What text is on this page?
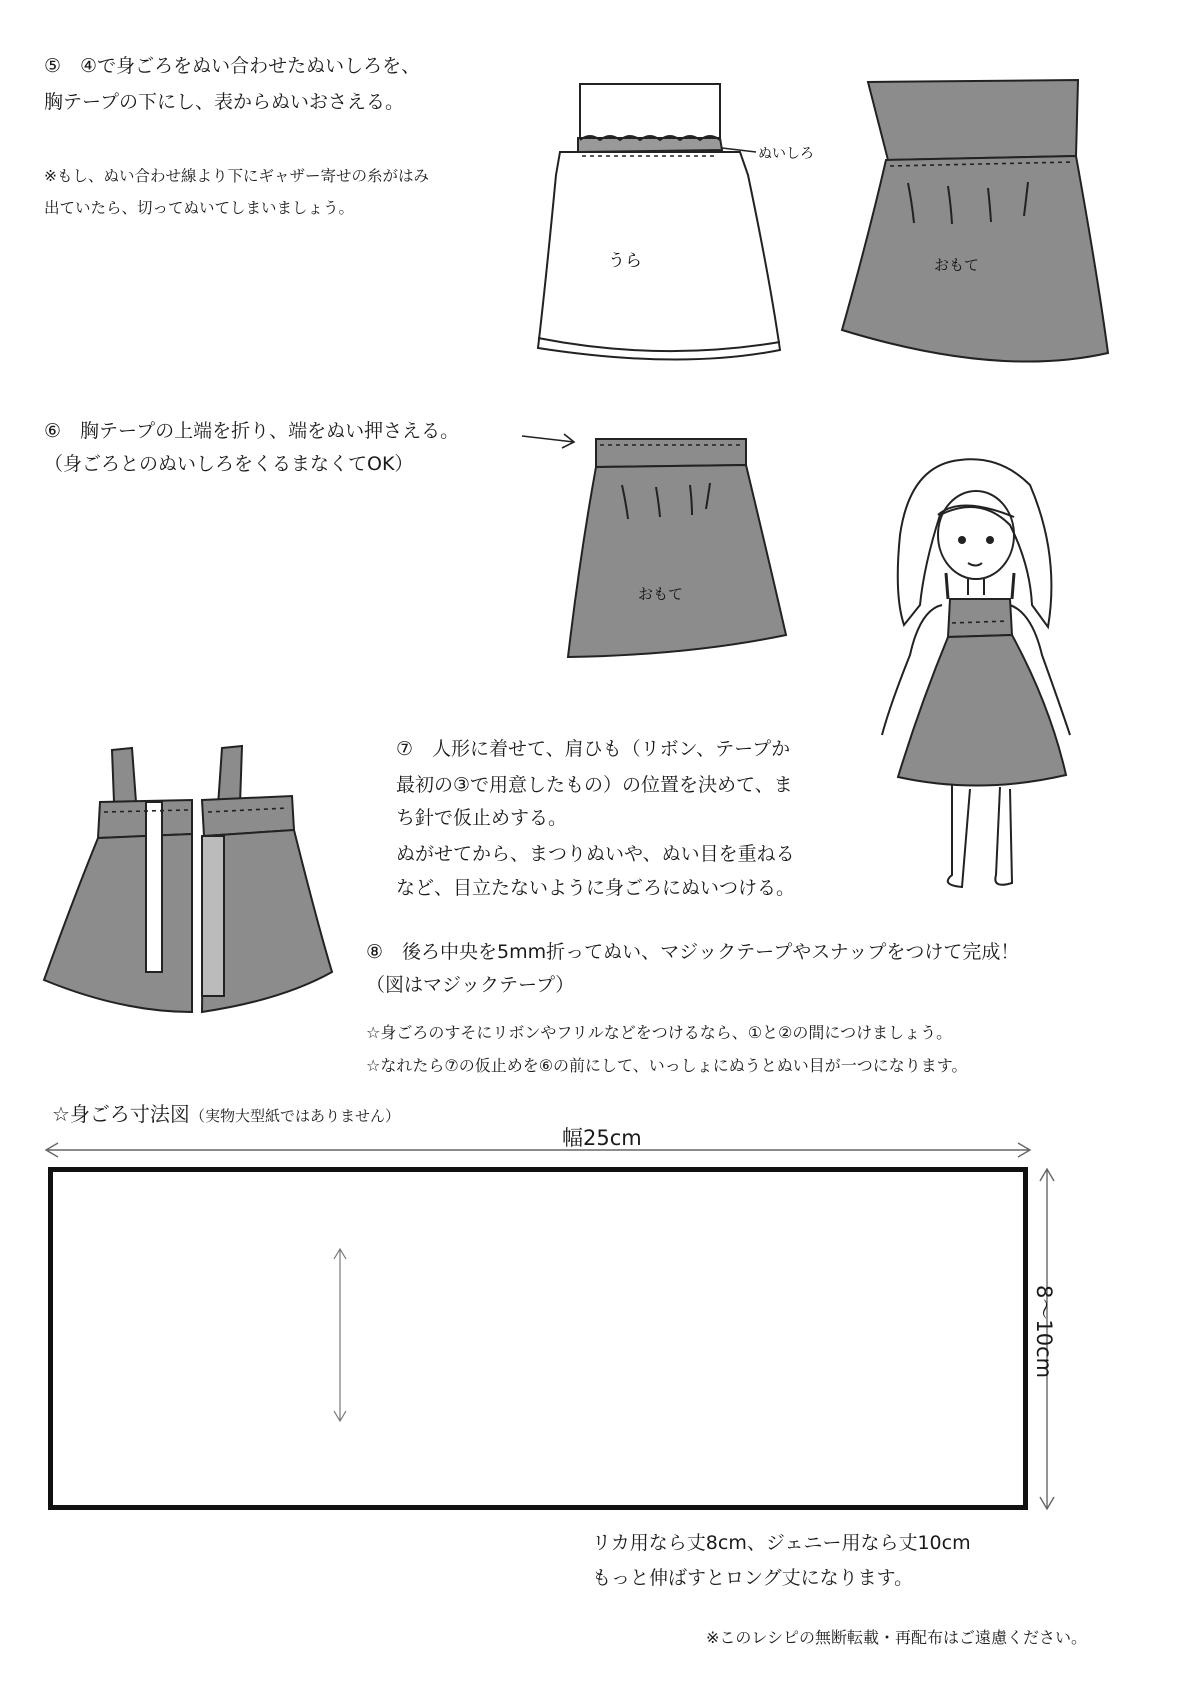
⑤　④で身ごろをぬい合わせたぬいしろを、
胸テープの下にし、表からぬいおさえる。
※もし、ぬい合わせ線より下にギャザー寄せの糸がはみ
出ていたら、切ってぬいてしまいましょう。
ぬいしろ
うら	おもて
⑥　胸テープの上端を折り、端をぬい押さえる。
（身ごろとのぬいしろをくるまなくてOK）
おもて
⑦　人形に着せて、肩ひも（リボン、テープか
最初の③で用意したもの）の位置を決めて、ま
ち針で仮止めする。
ぬがせてから、まつりぬいや、ぬい目を重ねる
など、目立たないように身ごろにぬいつける。
⑧　後ろ中央を5mm折ってぬい、マジックテープやスナップをつけて完成！
（図はマジックテープ）
☆身ごろのすそにリボンやフリルなどをつけるなら、①と②の間につけましょう。
☆なれたら⑦の仮止めを⑥の前にして、いっしょにぬうとぬい目が一つになります。
☆身ごろ寸法図（実物大型紙ではありません）
幅25cm
8～10cm
リカ用なら丈8cm、ジェニー用なら丈10cm
もっと伸ばすとロング丈になります。
※このレシピの無断転載・再配布はご遠慮ください。
